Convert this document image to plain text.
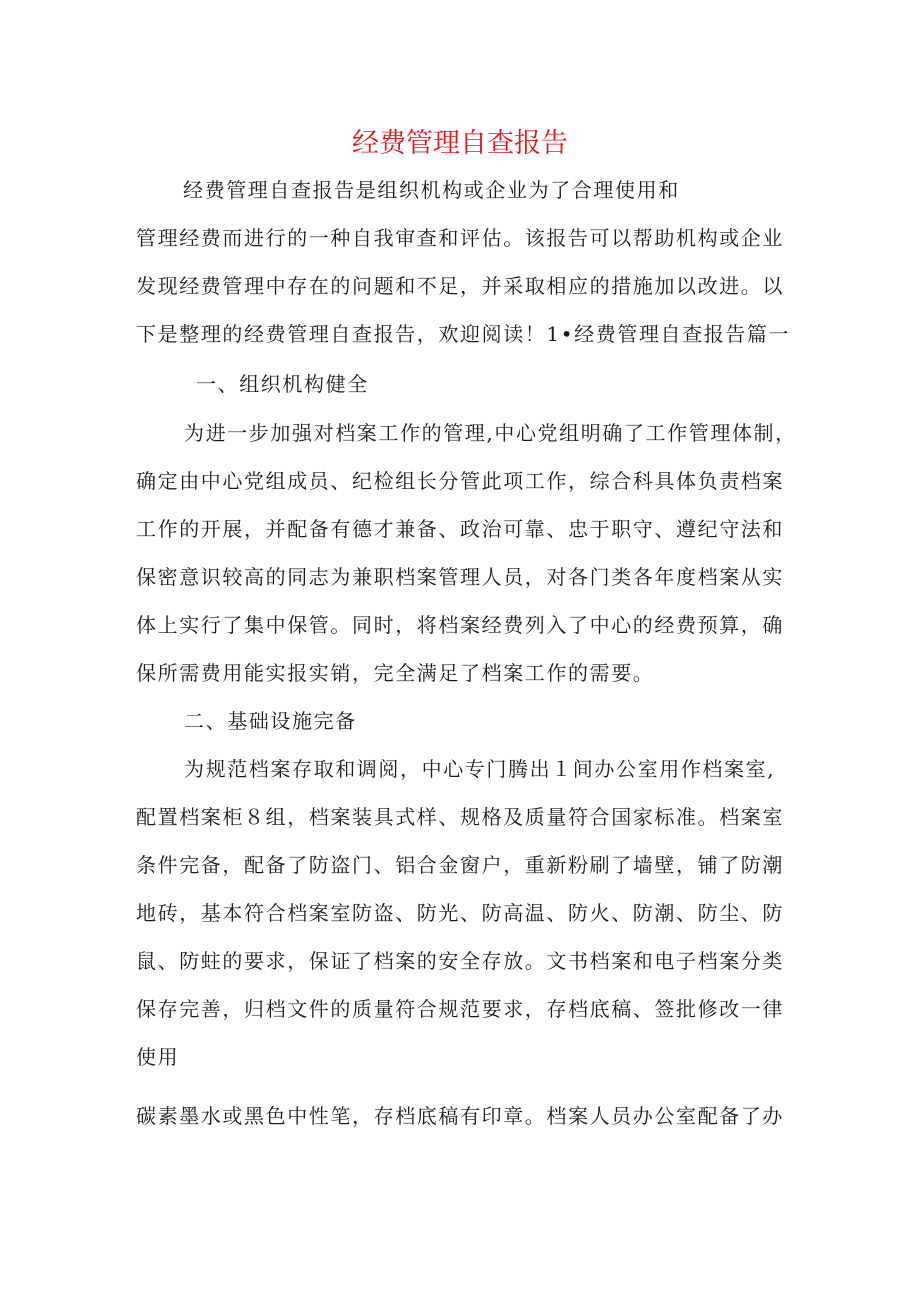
经费管理自查报告
经费管理自查报告是组织机构或企业为了合理使用和
管理经费而进行的一种自我审查和评估。该报告可以帮助机构或企业
发现经费管理中存在的问题和不足，并采取相应的措施加以改进。以
下是整理的经费管理自查报告，欢迎阅读！1•经费管理自查报告篇一
一、组织机构健全
为进一步加强对档案工作的管理,中心党组明确了工作管理体制，
确定由中心党组成员、纪检组长分管此项工作，综合科具体负责档案
工作的开展，并配备有德才兼备、政治可靠、忠于职守、遵纪守法和
保密意识较高的同志为兼职档案管理人员，对各门类各年度档案从实
体上实行了集中保管。同时，将档案经费列入了中心的经费预算，确
保所需费用能实报实销，完全满足了档案工作的需要。
二、基础设施完备
为规范档案存取和调阅，中心专门腾出１间办公室用作档案室,
配置档案柜８组，档案装具式样、规格及质量符合国家标准。档案室
条件完备，配备了防盗门、铝合金窗户，重新粉刷了墙壁，铺了防潮
地砖，基本符合档案室防盗、防光、防高温、防火、防潮、防尘、防
鼠、防蛀的要求，保证了档案的安全存放。文书档案和电子档案分类
保存完善，归档文件的质量符合规范要求，存档底稿、签批修改一律
使用
碳素墨水或黑色中性笔，存档底稿有印章。档案人员办公室配备了办
